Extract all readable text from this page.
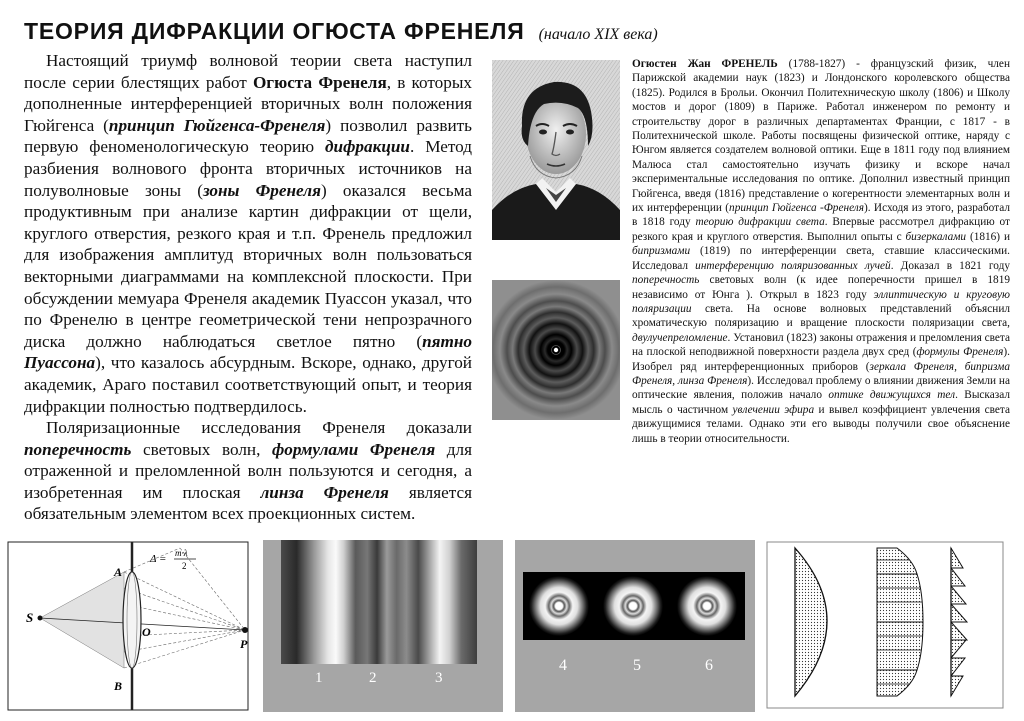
ТЕОРИЯ ДИФРАКЦИИ ОГЮСТА ФРЕНЕЛЯ (начало XIX века)

Настоящий триумф волновой теории света наступил после серии блестящих работ Огюста Френеля, в которых дополненные интерференцией вторичных волн положения Гюйгенса (принцип Гюйгенса-Френеля) позволил развить первую феноменологическую теорию дифракции. Метод разбиения волнового фронта вторичных источников на полуволновые зоны (зоны Френеля) оказался весьма продуктивным при анализе картин дифракции от щели, круглого отверстия, резкого края и т.п. Френель предложил для изображения амплитуд вторичных волн пользоваться векторными диаграммами на комплексной плоскости. При обсуждении мемуара Френеля академик Пуассон указал, что по Френелю в центре геометрической тени непрозрачного диска должно наблюдаться светлое пятно (пятно Пуассона), что казалось абсурдным. Вскоре, однако, другой академик, Араго поставил соответствующий опыт, и теория дифракции полностью подтвердилось.

Поляризационные исследования Френеля доказали поперечность световых волн, формулами Френеля для отраженной и преломленной волн пользуются и сегодня, а изобретенная им плоская линза Френеля является обязательным элементом всех проекционных систем.

Огюстен Жан ФРЕНЕЛЬ (1788-1827) - французский физик, член Парижской академии наук (1823) и Лондонского королевского общества (1825). Родился в Брольи. Окончил Политехническую школу (1806) и Школу мостов и дорог (1809) в Париже. Работал инженером по ремонту и строительству дорог в различных департаментах Франции, с 1817 - в Политехнической школе. Работы посвящены физической оптике, наряду с Юнгом является создателем волновой оптики. Еще в 1811 году под влиянием Малюса стал самостоятельно изучать физику и вскоре начал экспериментальные исследования по оптике. Дополнил известный принцип Гюйгенса, введя (1816) представление о когерентности элементарных волн и их интерференции (принцип Гюйгенса -Френеля). Исходя из этого, разработал в 1818 году теорию дифракции света. Впервые рассмотрел дифракцию от резкого края и круглого отверстия. Выполнил опыты с бизеркалами (1816) и бипризмами (1819) по интерференции света, ставшие классическими. Исследовал интерференцию поляризованных лучей. Доказал в 1821 году поперечность световых волн (к идее поперечности пришел в 1819 независимо от Юнга ). Открыл в 1823 году эллиптическую и круговую поляризации света. На основе волновых представлений объяснил хроматическую поляризацию и вращение плоскости поляризации света, двулучепреломление. Установил (1823) законы отражения и преломления света на плоской неподвижной поверхности раздела двух сред (формулы Френеля). Изобрел ряд интерференционных приборов (зеркала Френеля, бипризма Френеля, линза Френеля). Исследовал проблему о влиянии движения Земли на оптические явления, положив начало оптике движущихся тел. Высказал мысль о частичном увлечении эфира и вывел коэффициент увлечения света движущимися телами. Однако эти его выводы получили свое объяснение лишь в теории относительности.

S
A
B
O
P
Δ = m·λ
2
1	2	3
4	5	6
